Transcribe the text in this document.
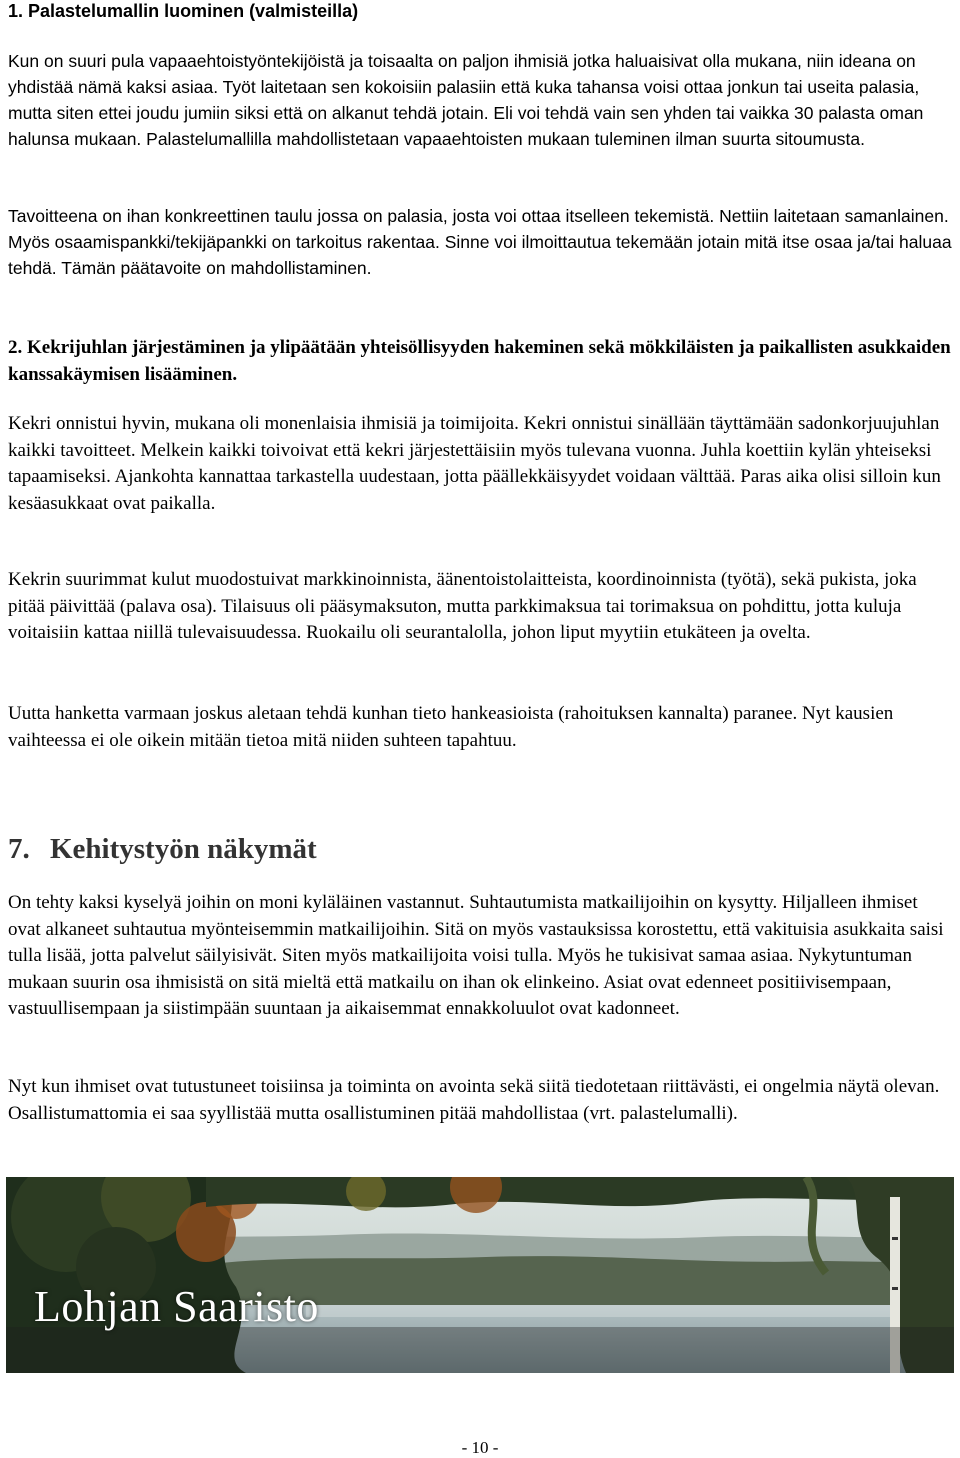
1. Palastelumallin luominen (valmisteilla)

Kun on suuri pula vapaaehtoistyöntekijöistä ja toisaalta on paljon ihmisiä jotka haluaisivat olla mukana, niin ideana on yhdistää nämä kaksi asiaa. Työt laitetaan sen kokoisiin palasiin että kuka tahansa voisi ottaa jonkun tai useita palasia, mutta siten ettei joudu jumiin siksi että on alkanut tehdä jotain. Eli voi tehdä vain sen yhden tai vaikka 30 palasta oman halunsa mukaan. Palastelumallilla mahdollistetaan vapaaehtoisten mukaan tuleminen ilman suurta sitoumusta.

Tavoitteena on ihan konkreettinen taulu jossa on palasia, josta voi ottaa itselleen tekemistä. Nettiin laitetaan samanlainen. Myös osaamispankki/tekijäpankki on tarkoitus rakentaa. Sinne voi ilmoittautua tekemään jotain mitä itse osaa ja/tai haluaa tehdä. Tämän päätavoite on mahdollistaminen.

2. Kekrijuhlan järjestäminen ja ylipäätään yhteisöllisyyden hakeminen sekä mökkiläisten ja paikallisten asukkaiden kanssakäymisen lisääminen.

Kekri onnistui hyvin, mukana oli monenlaisia ihmisiä ja toimijoita. Kekri onnistui sinällään täyttämään sadonkorjuujuhlan kaikki tavoitteet. Melkein kaikki toivoivat että kekri järjestettäisiin myös tulevana vuonna. Juhla koettiin kylän yhteiseksi tapaamiseksi. Ajankohta kannattaa tarkastella uudestaan, jotta päällekkäisyydet voidaan välttää. Paras aika olisi silloin kun kesäasukkaat ovat paikalla.

Kekrin suurimmat kulut muodostuivat markkinoinnista, äänentoistolaitteista, koordinoinnista (työtä), sekä pukista, joka pitää päivittää (palava osa). Tilaisuus oli pääsymaksuton, mutta parkkimaksua tai torimaksua on pohdittu, jotta kuluja voitaisiin kattaa niillä tulevaisuudessa. Ruokailu oli seurantalolla, johon liput myytiin etukäteen ja ovelta.

Uutta hanketta varmaan joskus aletaan tehdä kunhan tieto hankeasioista (rahoituksen kannalta) paranee. Nyt kausien vaihteessa ei ole oikein mitään tietoa mitä niiden suhteen tapahtuu.

7. Kehitystyön näkymät

On tehty kaksi kyselyä joihin on moni kyläläinen vastannut. Suhtautumista matkailijoihin on kysytty. Hiljalleen ihmiset ovat alkaneet suhtautua myönteisemmin matkailijoihin. Sitä on myös vastauksissa korostettu, että vakituisia asukkaita saisi tulla lisää, jotta palvelut säilyisivät. Siten myös matkailijoita voisi tulla. Myös he tukisivat samaa asiaa. Nykytuntuman mukaan suurin osa ihmisistä on sitä mieltä että matkailu on ihan ok elinkeino. Asiat ovat edenneet positiivisempaan, vastuullisempaan ja siistimpään suuntaan ja aikaisemmat ennakkoluulot ovat kadonneet.

Nyt kun ihmiset ovat tutustuneet toisiinsa ja toiminta on avointa sekä siitä tiedotetaan riittävästi, ei ongelmia näytä olevan. Osallistumattomia ei saa syyllistää mutta osallistuminen pitää mahdollistaa (vrt. palastelumalli).

Lohjan Saaristo
- 10 -
